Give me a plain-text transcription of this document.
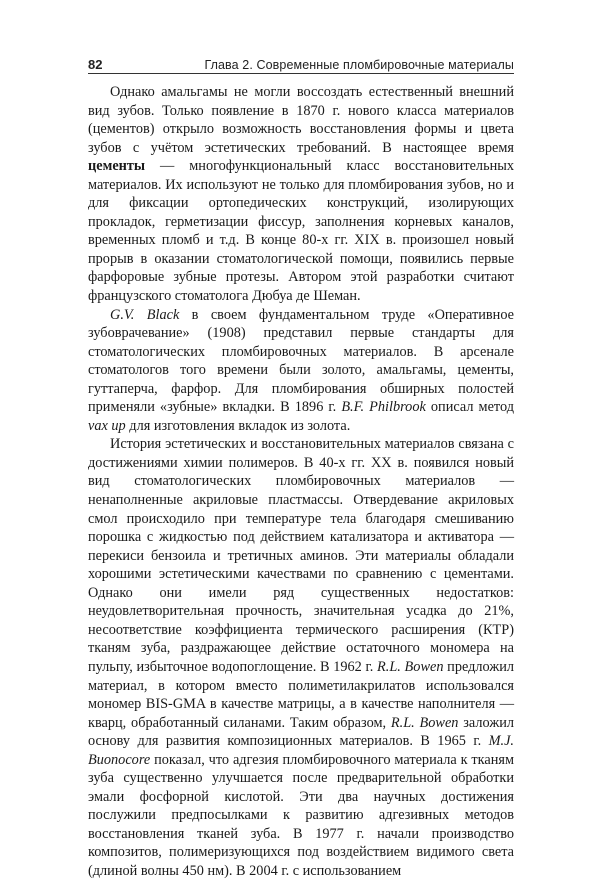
82	Глава 2. Современные пломбировочные материалы

Однако амальгамы не могли воссоздать естественный внешний вид зубов. Только появление в 1870 г. нового класса материалов (цементов) открыло возможность восстановления формы и цвета зубов с учётом эстетических требований. В настоящее время цементы — многофункциональный класс восстановительных материалов. Их используют не только для пломбирования зубов, но и для фиксации ортопедических конструкций, изолирующих прокладок, герметизации фиссур, заполнения корневых каналов, временных пломб и т.д. В конце 80-х гг. XIX в. произошел новый прорыв в оказании стоматологической помощи, появились первые фарфоровые зубные протезы. Автором этой разработки считают французского стоматолога Дюбуа де Шеман.

G.V. Black в своем фундаментальном труде «Оперативное зубоврачевание» (1908) представил первые стандарты для стоматологических пломбировочных материалов. В арсенале стоматологов того времени были золото, амальгамы, цементы, гуттаперча, фарфор. Для пломбирования обширных полостей применяли «зубные» вкладки. В 1896 г. B.F. Philbrook описал метод vax up для изготовления вкладок из золота.

История эстетических и восстановительных материалов связана с достижениями химии полимеров. В 40-х гг. XX в. появился новый вид стоматологических пломбировочных материалов — ненаполненные акриловые пластмассы. Отвердевание акриловых смол происходило при температуре тела благодаря смешиванию порошка с жидкостью под действием катализатора и активатора — перекиси бензоила и третичных аминов. Эти материалы обладали хорошими эстетическими качествами по сравнению с цементами. Однако они имели ряд существенных недостатков: неудовлетворительная прочность, значительная усадка до 21%, несоответствие коэффициента термического расширения (КТР) тканям зуба, раздражающее действие остаточного мономера на пульпу, избыточное водопоглощение. В 1962 г. R.L. Bowen предложил материал, в котором вместо полиметилакрилатов использовался мономер BIS-GMA в качестве матрицы, а в качестве наполнителя — кварц, обработанный силанами. Таким образом, R.L. Bowen заложил основу для развития композиционных материалов. В 1965 г. M.J. Buonocore показал, что адгезия пломбировочного материала к тканям зуба существенно улучшается после предварительной обработки эмали фосфорной кислотой. Эти два научных достижения послужили предпосылками к развитию адгезивных методов восстановления тканей зуба. В 1977 г. начали производство композитов, полимеризующихся под воздействием видимого света (длиной волны 450 нм). В 2004 г. с использованием
